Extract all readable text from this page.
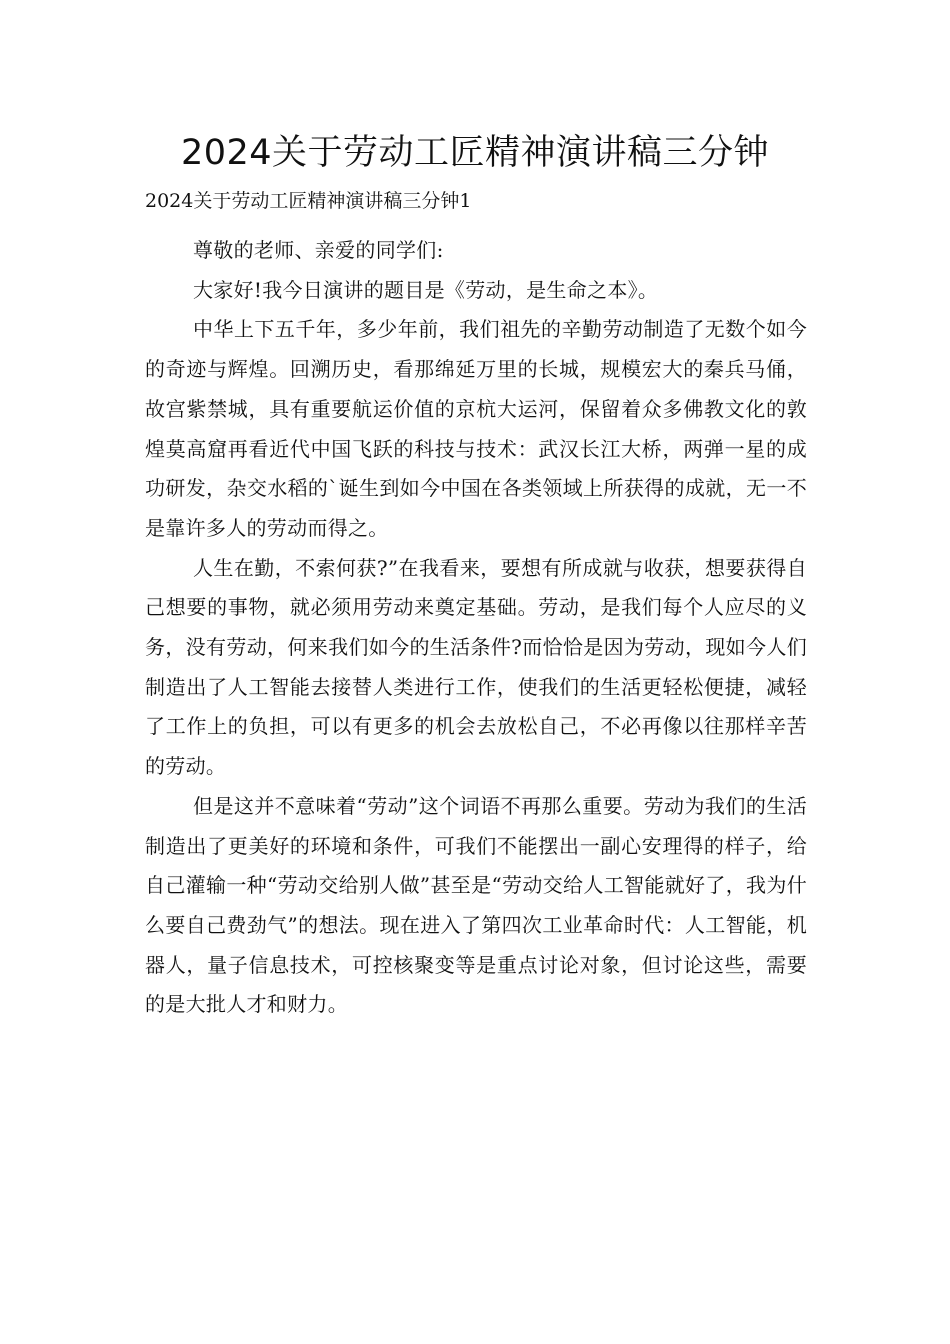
2024关于劳动工匠精神演讲稿三分钟
2024关于劳动工匠精神演讲稿三分钟1

尊敬的老师、亲爱的同学们:

大家好!我今日演讲的题目是《劳动，是生命之本》。

中华上下五千年，多少年前，我们祖先的辛勤劳动制造了无数个如今的奇迹与辉煌。回溯历史，看那绵延万里的长城，规模宏大的秦兵马俑，故宫紫禁城，具有重要航运价值的京杭大运河，保留着众多佛教文化的敦煌莫高窟再看近代中国飞跃的科技与技术：武汉长江大桥，两弹一星的成功研发，杂交水稻的`诞生到如今中国在各类领域上所获得的成就，无一不是靠许多人的劳动而得之。

人生在勤，不索何获?”在我看来，要想有所成就与收获，想要获得自己想要的事物，就必须用劳动来奠定基础。劳动，是我们每个人应尽的义务，没有劳动，何来我们如今的生活条件?而恰恰是因为劳动，现如今人们制造出了人工智能去接替人类进行工作，使我们的生活更轻松便捷，减轻了工作上的负担，可以有更多的机会去放松自己，不必再像以往那样辛苦的劳动。

但是这并不意味着“劳动”这个词语不再那么重要。劳动为我们的生活制造出了更美好的环境和条件，可我们不能摆出一副心安理得的样子，给自己灌输一种“劳动交给别人做”甚至是“劳动交给人工智能就好了，我为什么要自己费劲气”的想法。现在进入了第四次工业革命时代：人工智能，机器人，量子信息技术，可控核聚变等是重点讨论对象，但讨论这些，需要的是大批人才和财力。
